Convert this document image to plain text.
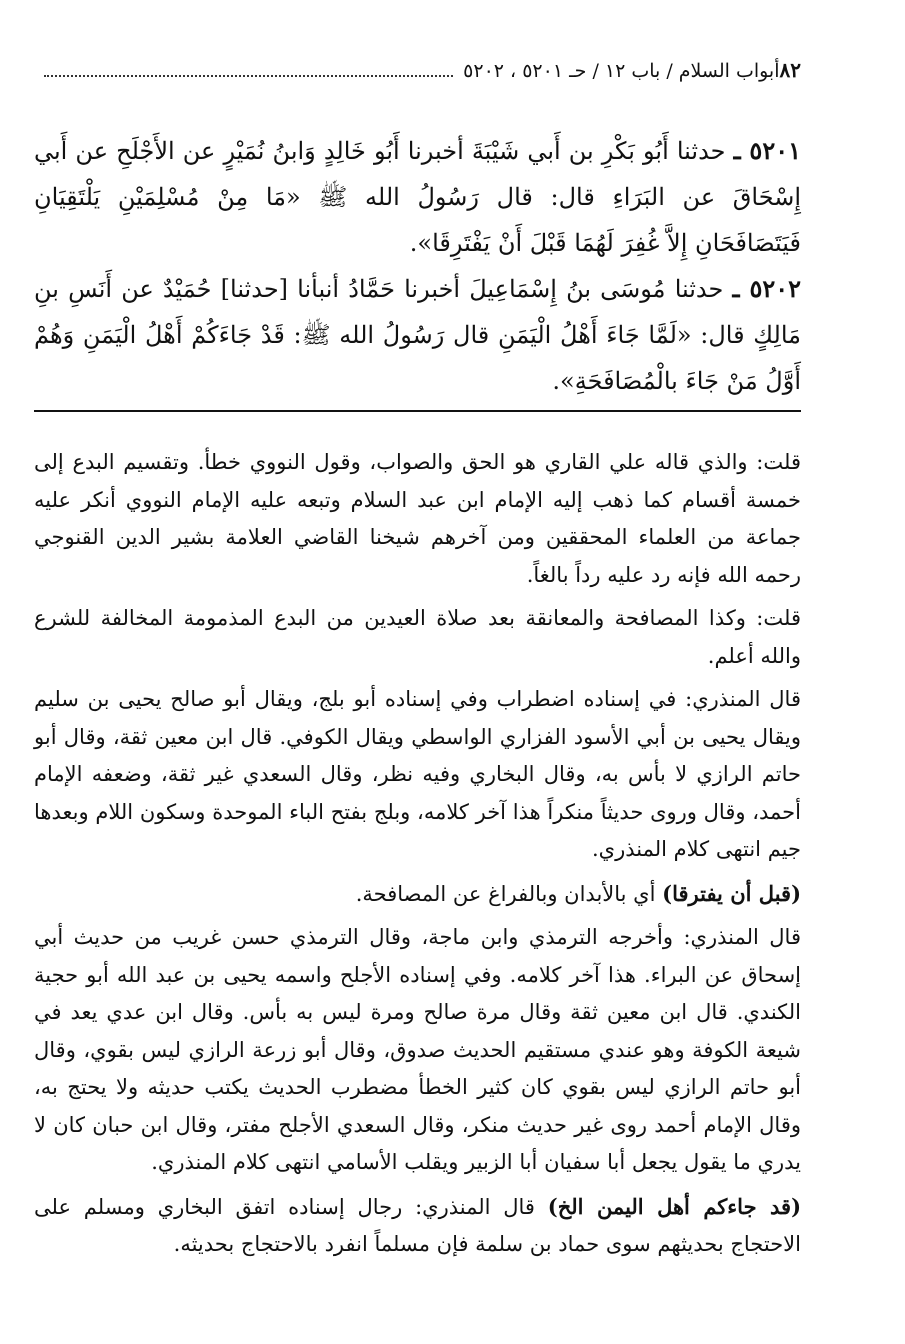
٨٢
أبواب السلام / باب ١٢ / حـ ٥٢٠١ ، ٥٢٠٢

٥٢٠١ ـ حدثنا أَبُو بَكْرِ بن أَبي شَيْبَةَ أخبرنا أَبُو خَالِدٍ وَابنُ نُمَيْرٍ عن الأَجْلَحِ عن أَبي إِسْحَاقَ عن البَرَاءِ قال: قال رَسُولُ الله ﷺ «مَا مِنْ مُسْلِمَيْنِ يَلْتَقِيَانِ فَيَتَصَافَحَانِ إِلاَّ غُفِرَ لَهُمَا قَبْلَ أَنْ يَفْتَرِقَا».

٥٢٠٢ ـ حدثنا مُوسَى بنُ إِسْمَاعِيلَ أخبرنا حَمَّادُ أنبأنا [حدثنا] حُمَيْدٌ عن أَنَسِ بنِ مَالِكٍ قال: «لَمَّا جَاءَ أَهْلُ الْيَمَنِ قال رَسُولُ الله ﷺ: قَدْ جَاءَكُمْ أَهْلُ الْيَمَنِ وَهُمْ أَوَّلُ مَنْ جَاءَ بالْمُصَافَحَةِ».

قلت: والذي قاله علي القاري هو الحق والصواب، وقول النووي خطأ. وتقسيم البدع إلى خمسة أقسام كما ذهب إليه الإمام ابن عبد السلام وتبعه عليه الإمام النووي أنكر عليه جماعة من العلماء المحققين ومن آخرهم شيخنا القاضي العلامة بشير الدين القنوجي رحمه الله فإنه رد عليه رداً بالغاً.

قلت: وكذا المصافحة والمعانقة بعد صلاة العيدين من البدع المذمومة المخالفة للشرع والله أعلم.

قال المنذري: في إسناده اضطراب وفي إسناده أبو بلج، ويقال أبو صالح يحيى بن سليم ويقال يحيى بن أبي الأسود الفزاري الواسطي ويقال الكوفي. قال ابن معين ثقة، وقال أبو حاتم الرازي لا بأس به، وقال البخاري وفيه نظر، وقال السعدي غير ثقة، وضعفه الإمام أحمد، وقال وروى حديثاً منكراً هذا آخر كلامه، وبلج بفتح الباء الموحدة وسكون اللام وبعدها جيم انتهى كلام المنذري.

(قبل أن يفترقا) أي بالأبدان وبالفراغ عن المصافحة.

قال المنذري: وأخرجه الترمذي وابن ماجة، وقال الترمذي حسن غريب من حديث أبي إسحاق عن البراء. هذا آخر كلامه. وفي إسناده الأجلح واسمه يحيى بن عبد الله أبو حجية الكندي. قال ابن معين ثقة وقال مرة صالح ومرة ليس به بأس. وقال ابن عدي يعد في شيعة الكوفة وهو عندي مستقيم الحديث صدوق، وقال أبو زرعة الرازي ليس بقوي، وقال أبو حاتم الرازي ليس بقوي كان كثير الخطأ مضطرب الحديث يكتب حديثه ولا يحتج به، وقال الإمام أحمد روى غير حديث منكر، وقال السعدي الأجلح مفتر، وقال ابن حبان كان لا يدري ما يقول يجعل أبا سفيان أبا الزبير ويقلب الأسامي انتهى كلام المنذري.

(قد جاءكم أهل اليمن الخ) قال المنذري: رجال إسناده اتفق البخاري ومسلم على الاحتجاج بحديثهم سوى حماد بن سلمة فإن مسلماً انفرد بالاحتجاج بحديثه.
